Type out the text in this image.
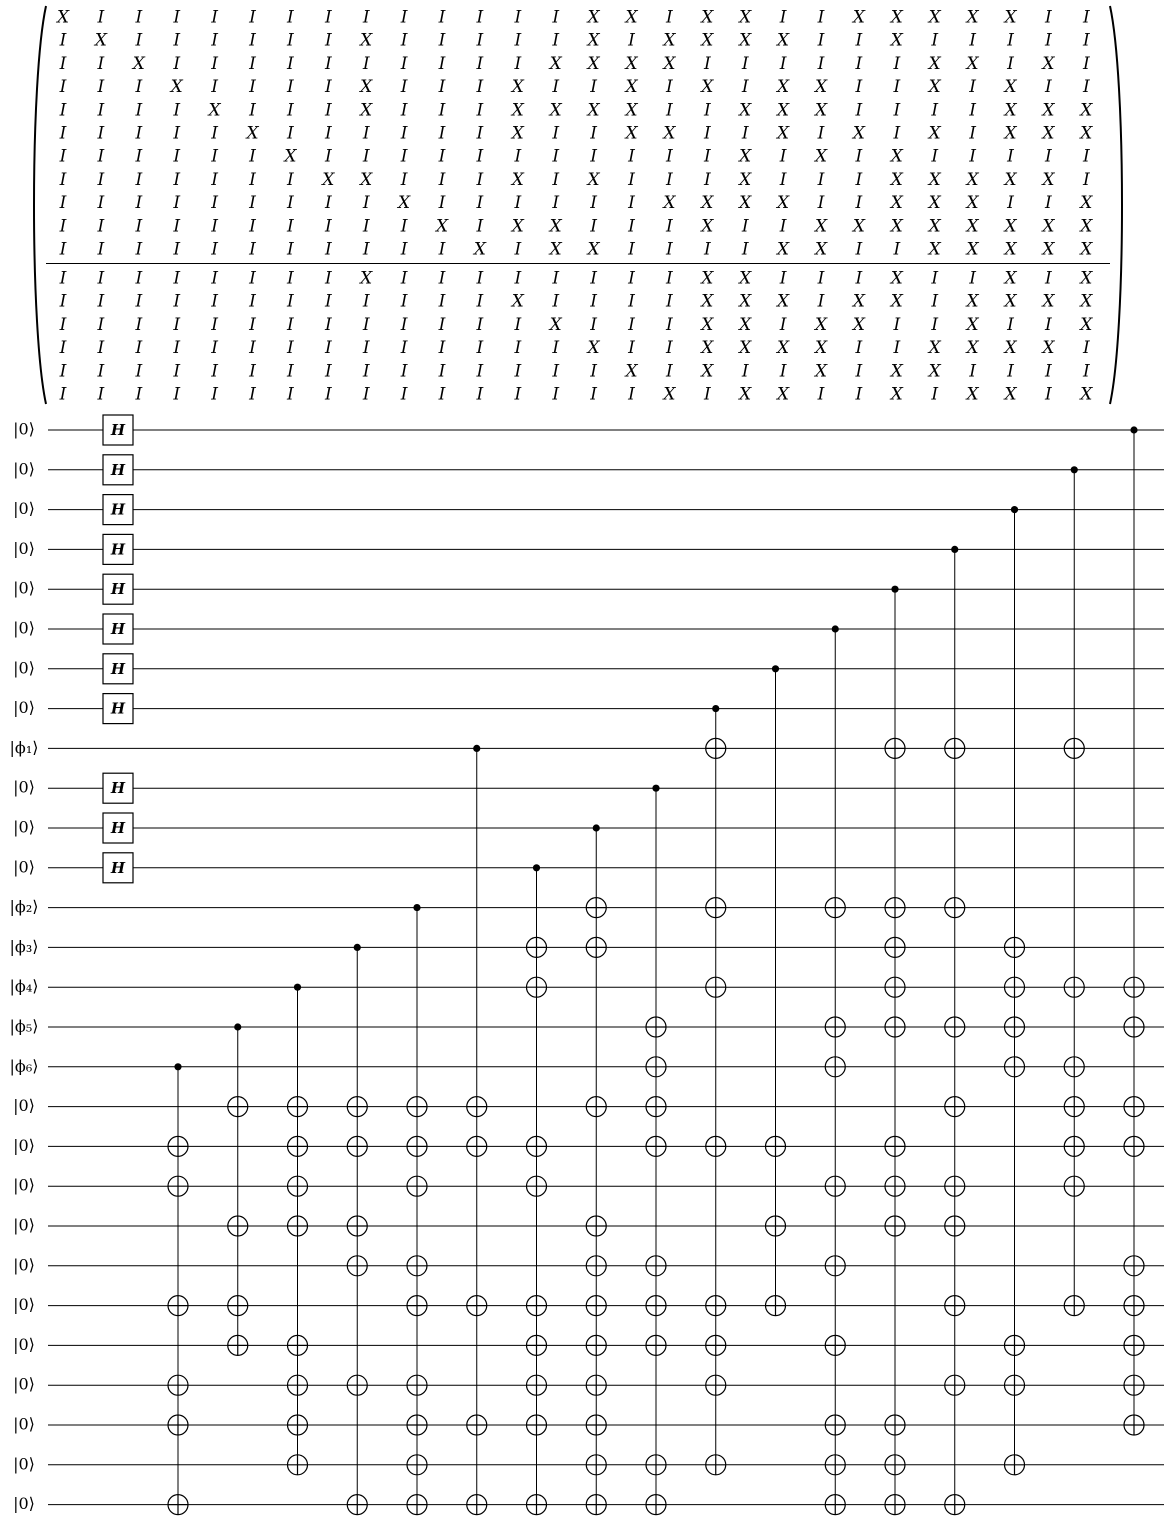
X I I I I I I I I I I I I I X X I X X I I X X X X X I I
I X I I I I I I X I I I I I X I X X X X I I X I I I I I
I I X I I I I I I I I I I X X X X I I I I I I X X I X I
I I I X I I I I X I I I X I I X I X I X X I I X I X I I
I I I I X I I I X I I I X X X X I I X X X I I I I X X X
I I I I I X I I I I I I X I I X X I I X I X I X I X X X
I I I I I I X I I I I I I I I I I I X I X I X I I I I I
I I I I I I I X X I I I X I X I I I X I I I X X X X X I
I I I I I I I I I X I I I I I I X X X X I I X X X I I X
I I I I I I I I I I X I X X I I I X I I X X X X X X X X
I I I I I I I I I I I X I X X I I I I X X I I X X X X X
I I I I I I I I X I I I I I I I I X X I I I X I I X I X
I I I I I I I I I I I I X I I I I X X X I X X I X X X X
I I I I I I I I I I I I I X I I I X X I X X I I X I I X
I I I I I I I I I I I I I I X I I X X X X I I X X X X I
I I I I I I I I I I I I I I I X I X I I X I X X I I I I
I I I I I I I I I I I I I I I I X I X X I I X I X X I X
H
H
H
H
H
H
H
H
H
H
H
|0⟩
|0⟩
|0⟩
|0⟩
|0⟩
|0⟩
|0⟩
|0⟩
|ϕ₁⟩
|0⟩
|0⟩
|0⟩
|ϕ₂⟩
|ϕ₃⟩
|ϕ₄⟩
|ϕ₅⟩
|ϕ₆⟩
|0⟩
|0⟩
|0⟩
|0⟩
|0⟩
|0⟩
|0⟩
|0⟩
|0⟩
|0⟩
|0⟩
